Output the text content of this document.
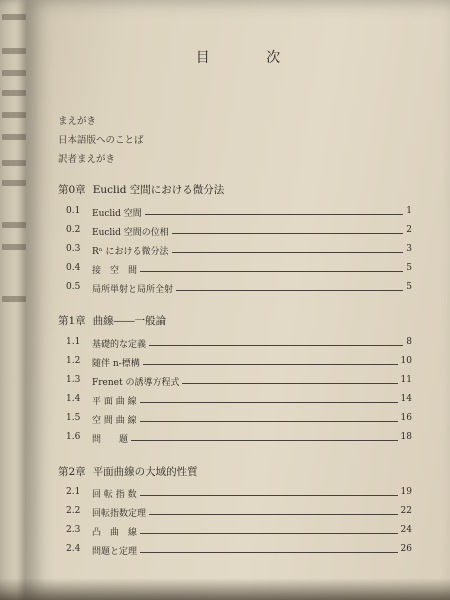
目 次
まえがき
日本語版へのことば
訳者まえがき
第0章 Euclid 空間における微分法
0.1	Euclid 空間	1
0.2	Euclid 空間の位相	2
0.3	Rⁿ における微分法	3
0.4	接　空　間	5
0.5	局所単射と局所全射	5
第1章 曲線――一般論
1.1	基礎的な定義	8
1.2	随伴 n-標構	10
1.3	Frenet の誘導方程式	11
1.4	平 面 曲 線	14
1.5	空 間 曲 線	16
1.6	問　　題	18
第2章 平面曲線の大域的性質
2.1	回 転 指 数	19
2.2	回転指数定理	22
2.3	凸　曲　線	24
2.4	問題と定理	26
